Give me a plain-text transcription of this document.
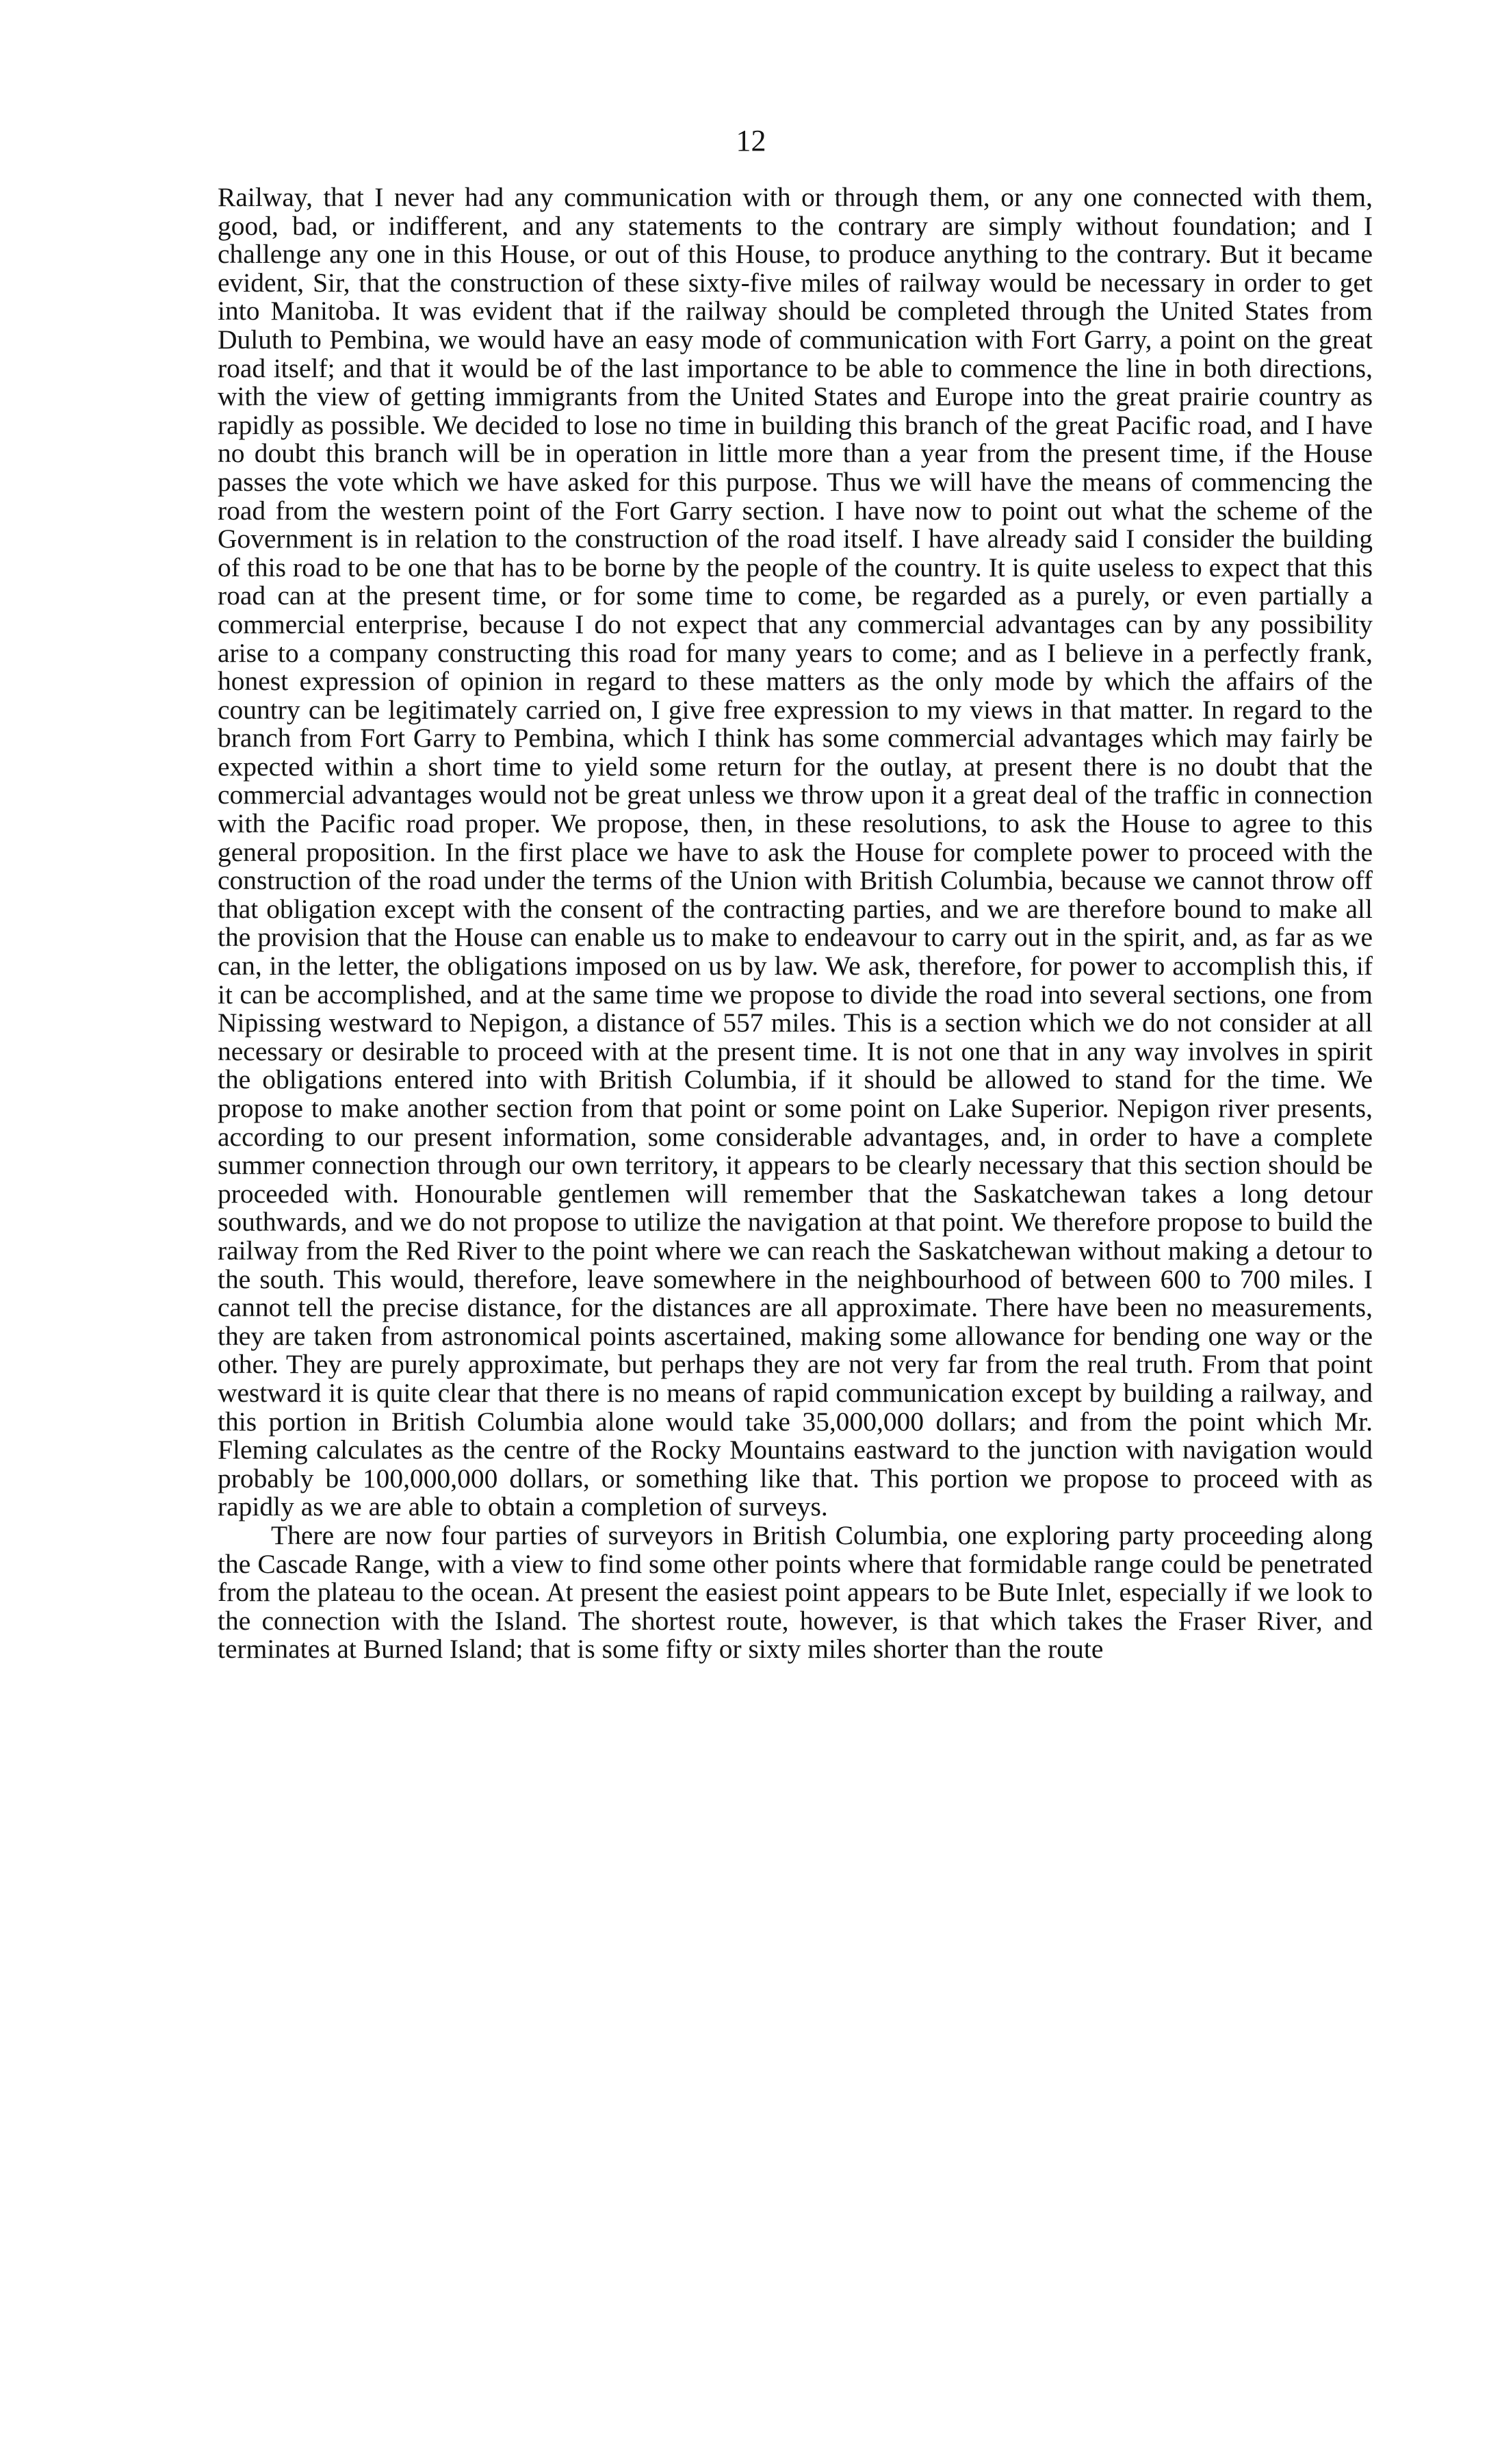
12

Railway, that I never had any communication with or through them, or any one connected with them, good, bad, or indifferent, and any statements to the contrary are simply without foundation; and I challenge any one in this House, or out of this House, to produce anything to the contrary. But it became evident, Sir, that the construction of these sixty-five miles of railway would be necessary in order to get into Manitoba. It was evident that if the railway should be completed through the United States from Duluth to Pembina, we would have an easy mode of communication with Fort Garry, a point on the great road itself; and that it would be of the last importance to be able to commence the line in both directions, with the view of getting immigrants from the United States and Europe into the great prairie country as rapidly as possible. We decided to lose no time in building this branch of the great Pacific road, and I have no doubt this branch will be in operation in little more than a year from the present time, if the House passes the vote which we have asked for this purpose. Thus we will have the means of commencing the road from the western point of the Fort Garry section. I have now to point out what the scheme of the Government is in relation to the construction of the road itself. I have already said I consider the building of this road to be one that has to be borne by the people of the country. It is quite useless to expect that this road can at the present time, or for some time to come, be regarded as a purely, or even partially a commercial enterprise, because I do not expect that any commercial advantages can by any possibility arise to a company constructing this road for many years to come; and as I believe in a perfectly frank, honest expression of opinion in regard to these matters as the only mode by which the affairs of the country can be legitimately carried on, I give free expression to my views in that matter. In regard to the branch from Fort Garry to Pembina, which I think has some commercial advantages which may fairly be expected within a short time to yield some return for the outlay, at present there is no doubt that the commercial advantages would not be great unless we throw upon it a great deal of the traffic in connection with the Pacific road proper. We propose, then, in these resolutions, to ask the House to agree to this general proposition. In the first place we have to ask the House for complete power to proceed with the construction of the road under the terms of the Union with British Columbia, because we cannot throw off that obligation except with the consent of the contracting parties, and we are therefore bound to make all the provision that the House can enable us to make to endeavour to carry out in the spirit, and, as far as we can, in the letter, the obligations imposed on us by law. We ask, therefore, for power to accomplish this, if it can be accomplished, and at the same time we propose to divide the road into several sections, one from Nipissing westward to Nepigon, a distance of 557 miles. This is a section which we do not consider at all necessary or desirable to proceed with at the present time. It is not one that in any way involves in spirit the obligations entered into with British Columbia, if it should be allowed to stand for the time. We propose to make another section from that point or some point on Lake Superior. Nepigon river presents, according to our present information, some considerable advantages, and, in order to have a complete summer connection through our own territory, it appears to be clearly necessary that this section should be proceeded with. Honourable gentlemen will remember that the Saskatchewan takes a long detour southwards, and we do not propose to utilize the navigation at that point. We therefore propose to build the railway from the Red River to the point where we can reach the Saskatchewan without making a detour to the south. This would, therefore, leave somewhere in the neighbourhood of between 600 to 700 miles. I cannot tell the precise distance, for the distances are all approximate. There have been no measurements, they are taken from astronomical points ascertained, making some allowance for bending one way or the other. They are purely approximate, but perhaps they are not very far from the real truth. From that point westward it is quite clear that there is no means of rapid communication except by building a railway, and this portion in British Columbia alone would take 35,000,000 dollars; and from the point which Mr. Fleming calculates as the centre of the Rocky Mountains eastward to the junction with navigation would probably be 100,000,000 dollars, or something like that. This portion we propose to proceed with as rapidly as we are able to obtain a completion of surveys.

There are now four parties of surveyors in British Columbia, one exploring party proceeding along the Cascade Range, with a view to find some other points where that formidable range could be penetrated from the plateau to the ocean. At present the easiest point appears to be Bute Inlet, especially if we look to the connection with the Island. The shortest route, however, is that which takes the Fraser River, and terminates at Burned Island; that is some fifty or sixty miles shorter than the route
